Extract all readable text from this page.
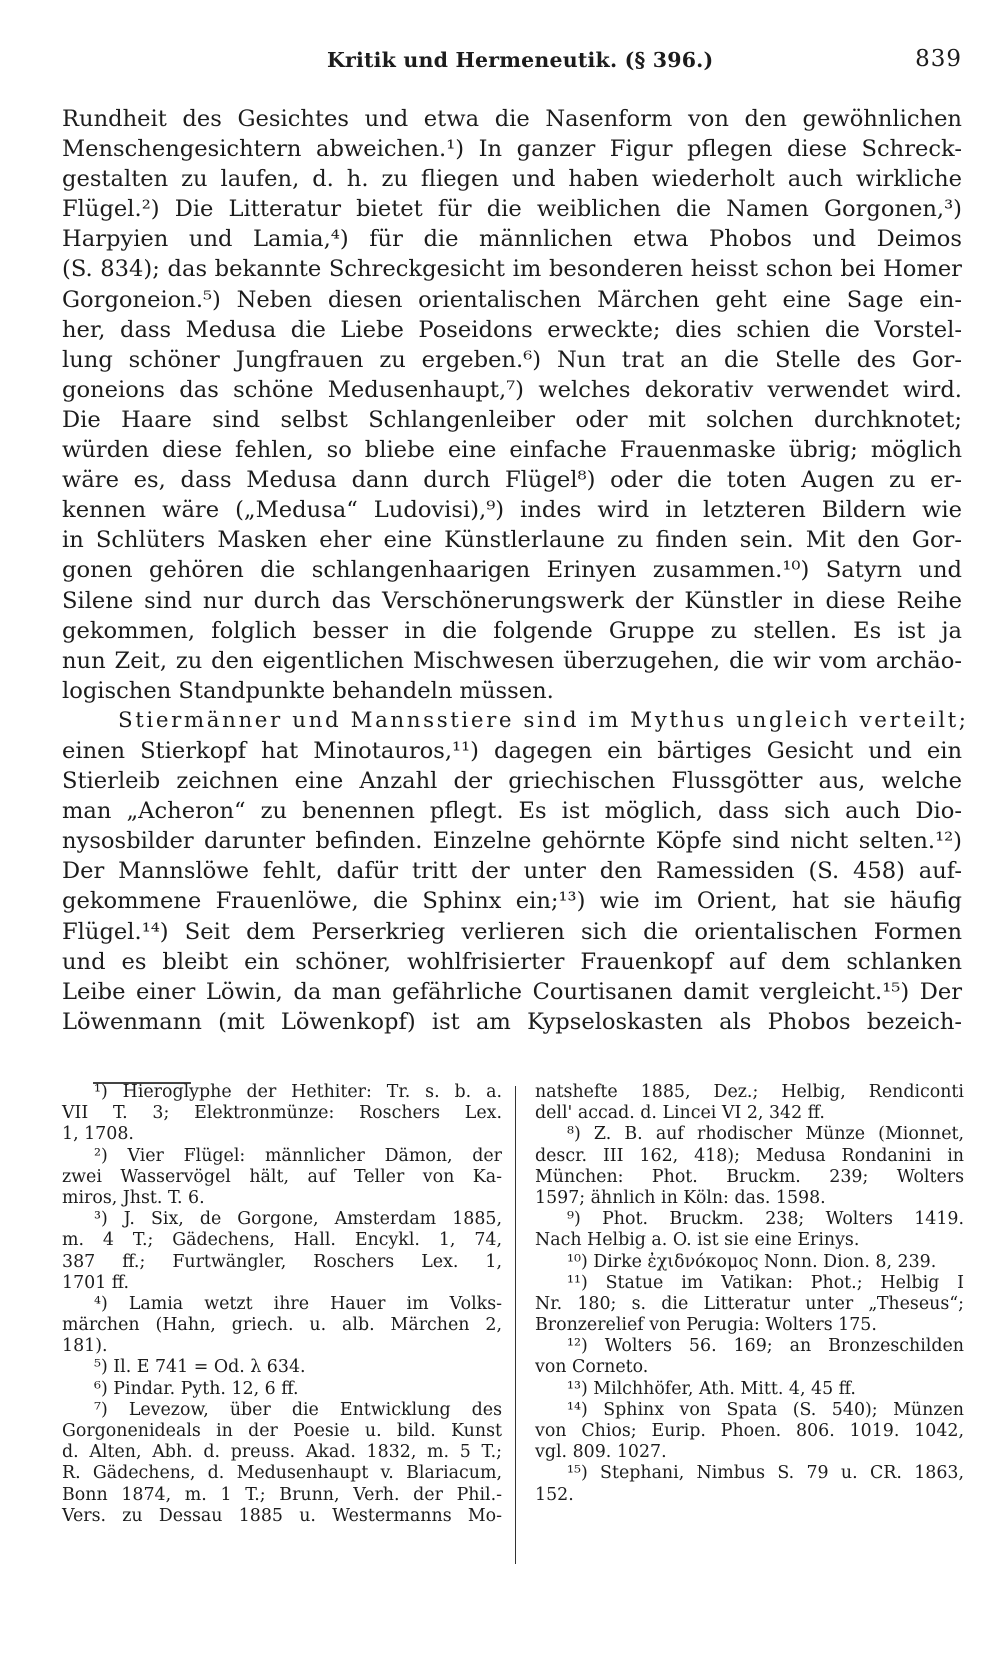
Kritik und Hermeneutik. (§ 396.)	839
Rundheit des Gesichtes und etwa die Nasenform von den gewöhnlichen
Menschengesichtern abweichen.¹) In ganzer Figur pflegen diese Schreck-
gestalten zu laufen, d. h. zu fliegen und haben wiederholt auch wirkliche
Flügel.²) Die Litteratur bietet für die weiblichen die Namen Gorgonen,³)
Harpyien und Lamia,⁴) für die männlichen etwa Phobos und Deimos
(S. 834); das bekannte Schreckgesicht im besonderen heisst schon bei Homer
Gorgoneion.⁵) Neben diesen orientalischen Märchen geht eine Sage ein-
her, dass Medusa die Liebe Poseidons erweckte; dies schien die Vorstel-
lung schöner Jungfrauen zu ergeben.⁶) Nun trat an die Stelle des Gor-
goneions das schöne Medusenhaupt,⁷) welches dekorativ verwendet wird.
Die Haare sind selbst Schlangenleiber oder mit solchen durchknotet;
würden diese fehlen, so bliebe eine einfache Frauenmaske übrig; möglich
wäre es, dass Medusa dann durch Flügel⁸) oder die toten Augen zu er-
kennen wäre („Medusa“ Ludovisi),⁹) indes wird in letzteren Bildern wie
in Schlüters Masken eher eine Künstlerlaune zu finden sein. Mit den Gor-
gonen gehören die schlangenhaarigen Erinyen zusammen.¹⁰) Satyrn und
Silene sind nur durch das Verschönerungswerk der Künstler in diese Reihe
gekommen, folglich besser in die folgende Gruppe zu stellen. Es ist ja
nun Zeit, zu den eigentlichen Mischwesen überzugehen, die wir vom archäo-
logischen Standpunkte behandeln müssen.
Stiermänner und Mannsstiere sind im Mythus ungleich verteilt;
einen Stierkopf hat Minotauros,¹¹) dagegen ein bärtiges Gesicht und ein
Stierleib zeichnen eine Anzahl der griechischen Flussgötter aus, welche
man „Acheron“ zu benennen pflegt. Es ist möglich, dass sich auch Dio-
nysosbilder darunter befinden. Einzelne gehörnte Köpfe sind nicht selten.¹²)
Der Mannslöwe fehlt, dafür tritt der unter den Ramessiden (S. 458) auf-
gekommene Frauenlöwe, die Sphinx ein;¹³) wie im Orient, hat sie häufig
Flügel.¹⁴) Seit dem Perserkrieg verlieren sich die orientalischen Formen
und es bleibt ein schöner, wohlfrisierter Frauenkopf auf dem schlanken
Leibe einer Löwin, da man gefährliche Courtisanen damit vergleicht.¹⁵) Der
Löwenmann (mit Löwenkopf) ist am Kypseloskasten als Phobos bezeich-
¹) Hieroglyphe der Hethiter: Tr. s. b. a.
VII T. 3; Elektronmünze: Roschers Lex.
1, 1708.
²) Vier Flügel: männlicher Dämon, der
zwei Wasservögel hält, auf Teller von Ka-
miros, Jhst. T. 6.
³) J. Six, de Gorgone, Amsterdam 1885,
m. 4 T.; Gädechens, Hall. Encykl. 1, 74,
387 ff.; Furtwängler, Roschers Lex. 1,
1701 ff.
⁴) Lamia wetzt ihre Hauer im Volks-
märchen (Hahn, griech. u. alb. Märchen 2,
181).
⁵) Il. Ε 741 = Od. λ 634.
⁶) Pindar. Pyth. 12, 6 ff.
⁷) Levezow, über die Entwicklung des
Gorgonenideals in der Poesie u. bild. Kunst
d. Alten, Abh. d. preuss. Akad. 1832, m. 5 T.;
R. Gädechens, d. Medusenhaupt v. Blariacum,
Bonn 1874, m. 1 T.; Brunn, Verh. der Phil.-
Vers. zu Dessau 1885 u. Westermanns Mo-
natshefte 1885, Dez.; Helbig, Rendiconti
dell' accad. d. Lincei VI 2, 342 ff.
⁸) Z. B. auf rhodischer Münze (Mionnet,
descr. III 162, 418); Medusa Rondanini in
München: Phot. Bruckm. 239; Wolters
1597; ähnlich in Köln: das. 1598.
⁹) Phot. Bruckm. 238; Wolters 1419.
Nach Helbig a. O. ist sie eine Erinys.
¹⁰) Dirke ἐχιδνόκομος Nonn. Dion. 8, 239.
¹¹) Statue im Vatikan: Phot.; Helbig I
Nr. 180; s. die Litteratur unter „Theseus“;
Bronzerelief von Perugia: Wolters 175.
¹²) Wolters 56. 169; an Bronzeschilden
von Corneto.
¹³) Milchhöfer, Ath. Mitt. 4, 45 ff.
¹⁴) Sphinx von Spata (S. 540); Münzen
von Chios; Eurip. Phoen. 806. 1019. 1042,
vgl. 809. 1027.
¹⁵) Stephani, Nimbus S. 79 u. CR. 1863,
152.
